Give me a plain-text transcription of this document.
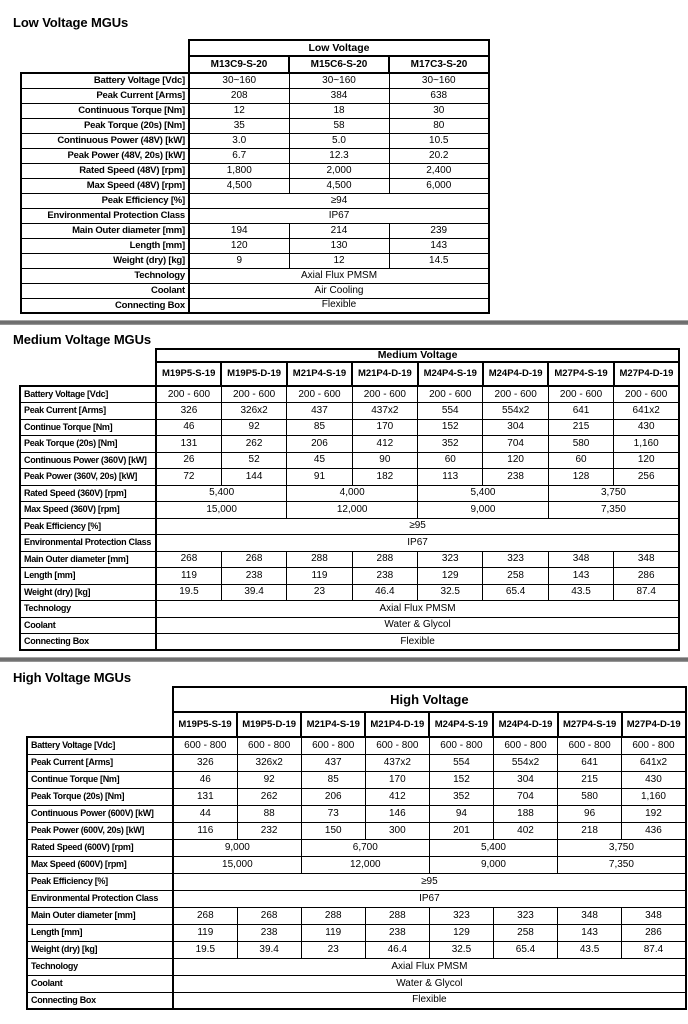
Low Voltage MGUs
	Low Voltage		
	M13C9-S-20	M15C6-S-20	M17C3-S-20
Battery Voltage [Vdc]	30~160	30~160	30~160
Peak Current [Arms]	208	384	638
Continuous Torque [Nm]	12	18	30
Peak Torque (20s) [Nm]	35	58	80
Continuous Power (48V) [kW]	3.0	5.0	10.5
Peak Power (48V, 20s) [kW]	6.7	12.3	20.2
Rated Speed (48V) [rpm]	1,800	2,000	2,400
Max Speed (48V) [rpm]	4,500	4,500	6,000
Peak Efficiency [%]	≥94		
Environmental Protection Class	IP67		
Main Outer diameter [mm]	194	214	239
Length [mm]	120	130	143
Weight (dry) [kg]	9	12	14.5
Technology	Axial Flux PMSM		
Coolant	Air Cooling		
Connecting Box	Flexible		
Medium Voltage MGUs
	Medium Voltage							
	M19P5-S-19	M19P5-D-19	M21P4-S-19	M21P4-D-19	M24P4-S-19	M24P4-D-19	M27P4-S-19	M27P4-D-19
Battery Voltage [Vdc]	200 - 600	200 - 600	200 - 600	200 - 600	200 - 600	200 - 600	200 - 600	200 - 600
Peak Current [Arms]	326	326x2	437	437x2	554	554x2	641	641x2
Continue Torque [Nm]	46	92	85	170	152	304	215	430
Peak Torque (20s) [Nm]	131	262	206	412	352	704	580	1,160
Continuous Power (360V) [kW]	26	52	45	90	60	120	60	120
Peak Power (360V, 20s) [kW]	72	144	91	182	113	238	128	256
Rated Speed (360V) [rpm]	5,400		4,000		5,400		3,750	
Max Speed (360V) [rpm]	15,000		12,000		9,000		7,350	
Peak Efficiency [%]	≥95							
Environmental Protection Class	IP67							
Main Outer diameter [mm]	268	268	288	288	323	323	348	348
Length [mm]	119	238	119	238	129	258	143	286
Weight (dry) [kg]	19.5	39.4	23	46.4	32.5	65.4	43.5	87.4
Technology	Axial Flux PMSM							
Coolant	Water & Glycol							
Connecting Box	Flexible							
High Voltage MGUs
	High Voltage							
	M19P5-S-19	M19P5-D-19	M21P4-S-19	M21P4-D-19	M24P4-S-19	M24P4-D-19	M27P4-S-19	M27P4-D-19
Battery Voltage [Vdc]	600 - 800	600 - 800	600 - 800	600 - 800	600 - 800	600 - 800	600 - 800	600 - 800
Peak Current [Arms]	326	326x2	437	437x2	554	554x2	641	641x2
Continue Torque [Nm]	46	92	85	170	152	304	215	430
Peak Torque (20s) [Nm]	131	262	206	412	352	704	580	1,160
Continuous Power (600V) [kW]	44	88	73	146	94	188	96	192
Peak Power (600V, 20s) [kW]	116	232	150	300	201	402	218	436
Rated Speed (600V) [rpm]	9,000		6,700		5,400		3,750	
Max Speed (600V) [rpm]	15,000		12,000		9,000		7,350	
Peak Efficiency [%]	≥95							
Environmental Protection Class	IP67							
Main Outer diameter [mm]	268	268	288	288	323	323	348	348
Length [mm]	119	238	119	238	129	258	143	286
Weight (dry) [kg]	19.5	39.4	23	46.4	32.5	65.4	43.5	87.4
Technology	Axial Flux PMSM							
Coolant	Water & Glycol							
Connecting Box	Flexible							
